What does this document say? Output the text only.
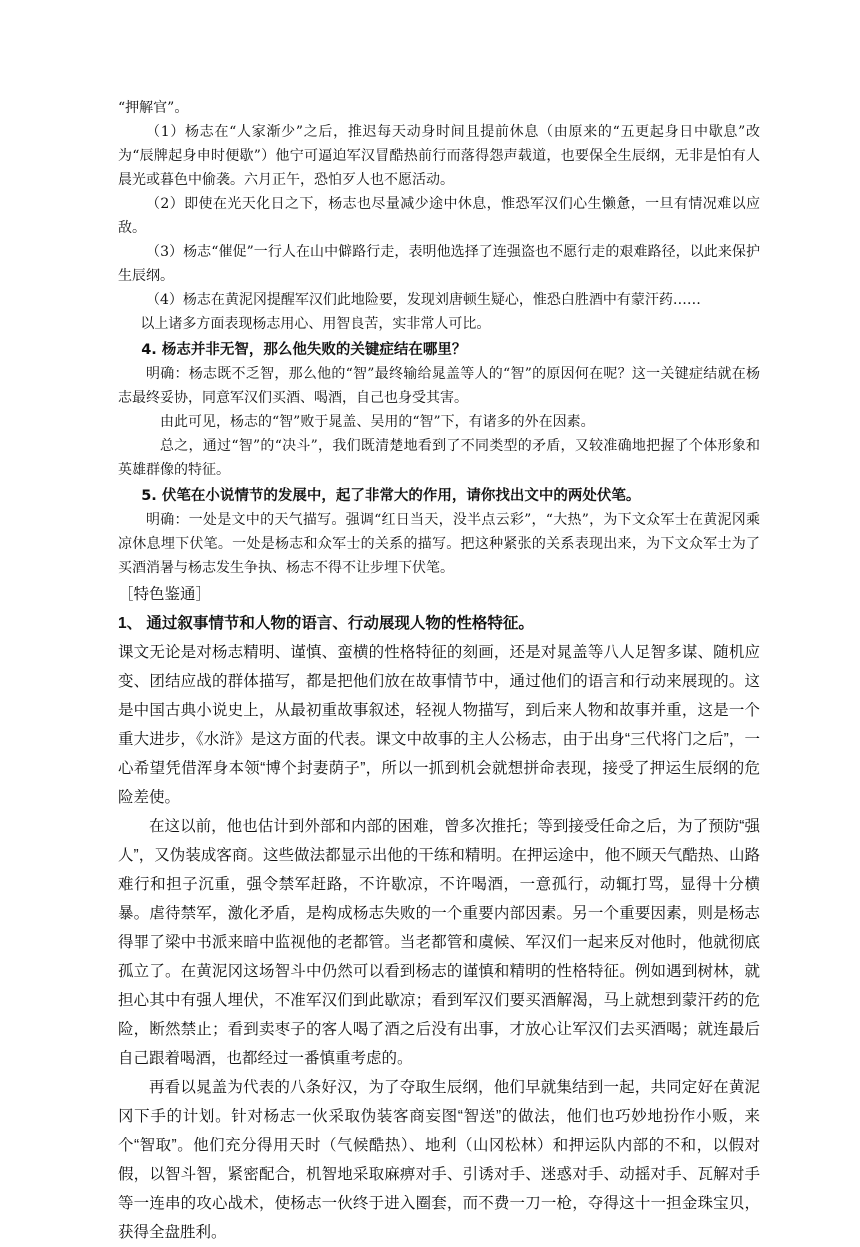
“押解官”。

（1）杨志在“人家渐少”之后，推迟每天动身时间且提前休息（由原来的“五更起身日中歇息”改为“辰牌起身申时便歇”）他宁可逼迫军汉冒酷热前行而落得怨声载道，也要保全生辰纲，无非是怕有人晨光或暮色中偷袭。六月正午，恐怕歹人也不愿活动。

（2）即使在光天化日之下，杨志也尽量减少途中休息，惟恐军汉们心生懒惫，一旦有情况难以应敌。

（3）杨志“催促”一行人在山中僻路行走，表明他选择了连强盗也不愿行走的艰难路径，以此来保护生辰纲。

（4）杨志在黄泥冈提醒军汉们此地险要，发现刘唐顿生疑心，惟恐白胜酒中有蒙汗药……

以上诸多方面表现杨志用心、用智良苦，实非常人可比。

4. 杨志并非无智，那么他失败的关键症结在哪里？

明确：杨志既不乏智，那么他的“智”最终输给晁盖等人的“智”的原因何在呢？这一关键症结就在杨志最终妥协，同意军汉们买酒、喝酒，自己也身受其害。

由此可见，杨志的“智”败于晁盖、吴用的“智”下，有诸多的外在因素。

总之，通过“智”的“决斗”，我们既清楚地看到了不同类型的矛盾，又较准确地把握了个体形象和英雄群像的特征。

5. 伏笔在小说情节的发展中，起了非常大的作用，请你找出文中的两处伏笔。

明确：一处是文中的天气描写。强调“红日当天，没半点云彩”，“大热”，为下文众军士在黄泥冈乘凉休息埋下伏笔。一处是杨志和众军士的关系的描写。把这种紧张的关系表现出来，为下文众军士为了买酒消暑与杨志发生争执、杨志不得不让步埋下伏笔。

［特色鉴通］

1、 通过叙事情节和人物的语言、行动展现人物的性格特征。

课文无论是对杨志精明、谨慎、蛮横的性格特征的刻画，还是对晁盖等八人足智多谋、随机应变、团结应战的群体描写，都是把他们放在故事情节中，通过他们的语言和行动来展现的。这是中国古典小说史上，从最初重故事叙述，轻视人物描写，到后来人物和故事并重，这是一个重大进步，《水浒》是这方面的代表。课文中故事的主人公杨志，由于出身“三代将门之后”，一心希望凭借浑身本领“博个封妻荫子”，所以一抓到机会就想拼命表现，接受了押运生辰纲的危险差使。

在这以前，他也估计到外部和内部的困难，曾多次推托；等到接受任命之后，为了预防“强人”，又伪装成客商。这些做法都显示出他的干练和精明。在押运途中，他不顾天气酷热、山路难行和担子沉重，强令禁军赶路，不许歇凉，不许喝酒，一意孤行，动辄打骂，显得十分横暴。虐待禁军，激化矛盾，是构成杨志失败的一个重要内部因素。另一个重要因素，则是杨志得罪了梁中书派来暗中监视他的老都管。当老都管和虞候、军汉们一起来反对他时，他就彻底孤立了。在黄泥冈这场智斗中仍然可以看到杨志的谨慎和精明的性格特征。例如遇到树林，就担心其中有强人埋伏，不准军汉们到此歇凉；看到军汉们要买酒解渴，马上就想到蒙汗药的危险，断然禁止；看到卖枣子的客人喝了酒之后没有出事，才放心让军汉们去买酒喝；就连最后自己跟着喝酒，也都经过一番慎重考虑的。

再看以晁盖为代表的八条好汉，为了夺取生辰纲，他们早就集结到一起，共同定好在黄泥冈下手的计划。针对杨志一伙采取伪装客商妄图“智送”的做法，他们也巧妙地扮作小贩，来个“智取”。他们充分得用天时（气候酷热）、地利（山冈松林）和押运队内部的不和，以假对假，以智斗智，紧密配合，机智地采取麻痹对手、引诱对手、迷惑对手、动摇对手、瓦解对手等一连串的攻心战术，使杨志一伙终于进入圈套，而不费一刀一枪，夺得这十一担金珠宝贝，获得全盘胜利。
